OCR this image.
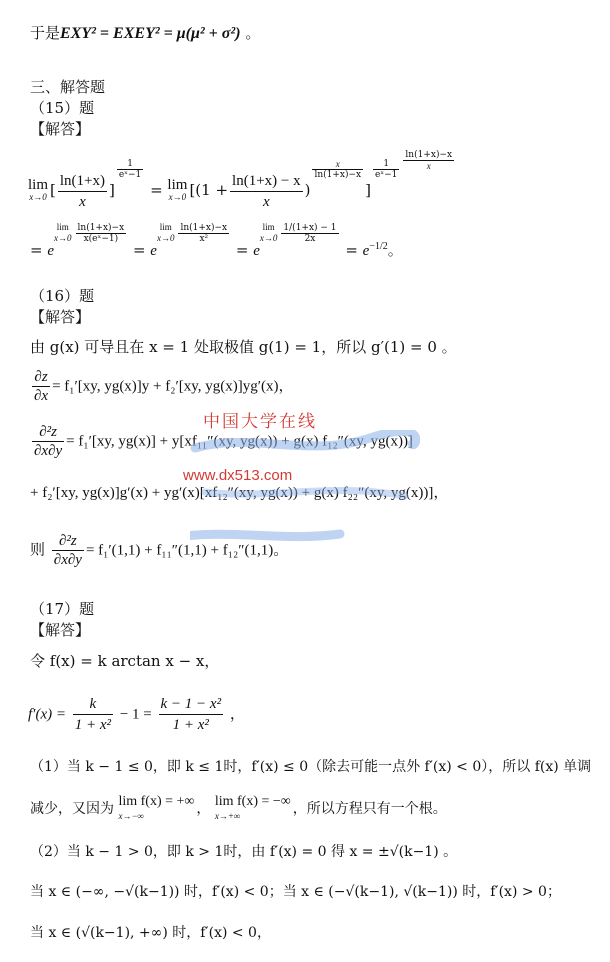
于是EXY² = EXEY² = μ(μ² + σ²) 。
三、解答题
（15）题
【解答】
lim
x→0 [ $\frac{\ln(1+x)}{x}$ ]
$\frac{1}{\text{eˣ−1}}$
= lim
x→0 [($1 + \frac{\ln(1+x) - x}{x}$ )
$\frac{x}{\ln(1+x)-x}$
]
$\frac{1}{\text{eˣ−1}} \frac{\ln(1+x)-x}{x}$
= elim
$x\to 0 \frac{\ln(1+x)-x}{\text{x(eˣ−1)}}$
= elim
$x\to 0 \frac{\ln(1+x)-x}{\text{x²}}$
= elim
$x\to 0 \frac{1/(1+x) - 1}{2x}$
= $e^{-1/2}$。
（16）题
【解答】
由 g(x) 可导且在 x = 1 处取极值 g(1) = 1，所以 g′(1) = 0 。
$\frac{\partial z}{\partial x} = f_1'[xy$, yg(x)]y + f₂′[xy, yg(x)]yg′(x)，
$\frac{\text{∂²z}}{\partial x\partial y} = f_1'[xy$, yg(x)] + y[xf₁₁″(xy, yg(x)) + g(x) f₁₂″(xy, yg(x))]
+ f₂′[xy, yg(x)]g′(x) + yg′(x)[xf₁₂″(xy, yg(x)) + g(x) f₂₂″(xy, yg(x))]，
则 $\frac{\text{∂²z}}{\partial x\partial y} = f_1'(1,1) + f_{11}''(1,1) + f_{12}''(1,1)$。
中国大学在线
www.dx513.com
（17）题
【解答】
令 f(x) = k arctan x − x，
$f'(x) = \frac{k}{\text{1 + x²}} - 1 = \frac{\text{k − 1 − x²}}{\text{1 + x²}}$ ，
（1）当 k − 1 ≤ 0，即 k ≤ 1时，f′(x) ≤ 0（除去可能一点外 f′(x) < 0），所以 f(x) 单调
减少，又因为 lim f(x) = +∞
x→−∞	， lim f(x) = −∞
x→+∞	，所以方程只有一个根。
（2）当 k − 1 > 0，即 k > 1时，由 f′(x) = 0 得 x = ±√(k−1) 。
当 x ∈ (−∞, −√(k−1)) 时，f′(x) < 0；当 x ∈ (−√(k−1), √(k−1)) 时，f′(x) > 0；
当 x ∈ (√(k−1), +∞) 时，f′(x) < 0，
